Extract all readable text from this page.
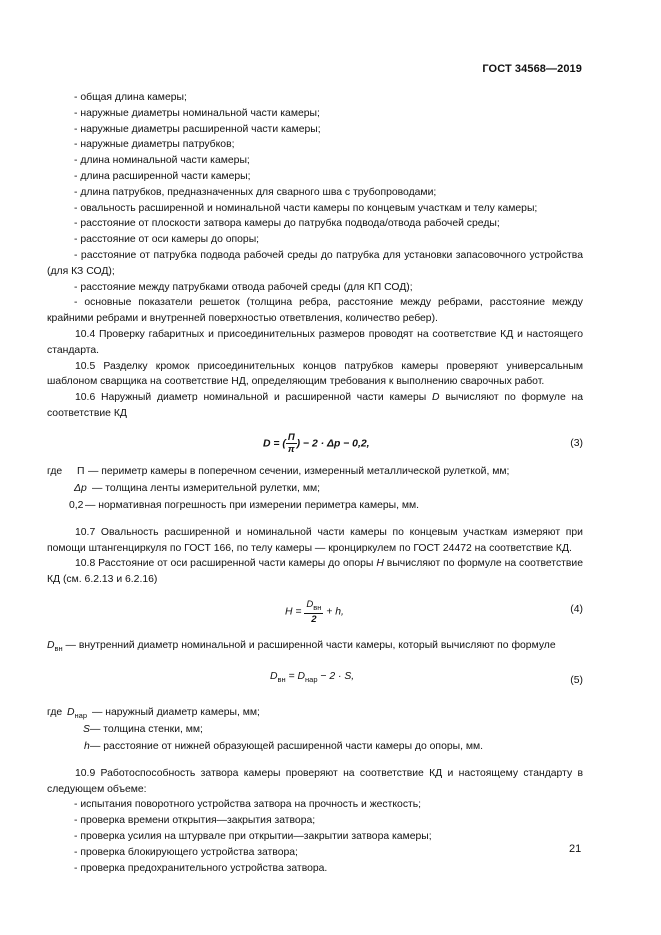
ГОСТ 34568—2019
- общая длина камеры;
- наружные диаметры номинальной части камеры;
- наружные диаметры расширенной части камеры;
- наружные диаметры патрубков;
- длина номинальной части камеры;
- длина расширенной части камеры;
- длина патрубков, предназначенных для сварного шва с трубопроводами;
- овальность расширенной и номинальной части камеры по концевым участкам и телу камеры;
- расстояние от плоскости затвора камеры до патрубка подвода/отвода рабочей среды;
- расстояние от оси камеры до опоры;
- расстояние от патрубка подвода рабочей среды до патрубка для установки запасовочного устройства (для КЗ СОД);
- расстояние между патрубками отвода рабочей среды (для КП СОД);
- основные показатели решеток (толщина ребра, расстояние между ребрами, расстояние между крайними ребрами и внутренней поверхностью ответвления, количество ребер).
10.4 Проверку габаритных и присоединительных размеров проводят на соответствие КД и настоящего стандарта.
10.5 Разделку кромок присоединительных концов патрубков камеры проверяют универсальным шаблоном сварщика на соответствие НД, определяющим требования к выполнению сварочных работ.
10.6 Наружный диаметр номинальной и расширенной части камеры D вычисляют по формуле на соответствие КД
D = (
П
π
) − 2 · Δp − 0,2,	(3)
где П — периметр камеры в поперечном сечении, измеренный металлической рулеткой, мм;
Δp — толщина ленты измерительной рулетки, мм;
0,2 — нормативная погрешность при измерении периметра камеры, мм.
10.7 Овальность расширенной и номинальной части камеры по концевым участкам измеряют при помощи штангенциркуля по ГОСТ 166, по телу камеры — кронциркулем по ГОСТ 24472 на соответствие КД.
10.8 Расстояние от оси расширенной части камеры до опоры H вычисляют по формуле на соответствие КД (см. 6.2.13 и 6.2.16)
H =
$D_{вн}$
2
+ h,	(4)
$D_{вн}$ — внутренний диаметр номинальной и расширенной части камеры, который вычисляют по формуле
$D_{вн} = D_{нар} - 2 \cdot S$,	(5)
где $D_{нар}$ — наружный диаметр камеры, мм;
S — толщина стенки, мм;
h — расстояние от нижней образующей расширенной части камеры до опоры, мм.
10.9 Работоспособность затвора камеры проверяют на соответствие КД и настоящему стандарту в следующем объеме:
- испытания поворотного устройства затвора на прочность и жесткость;
- проверка времени открытия—закрытия затвора;
- проверка усилия на штурвале при открытии—закрытии затвора камеры;
- проверка блокирующего устройства затвора;
- проверка предохранительного устройства затвора.
21
